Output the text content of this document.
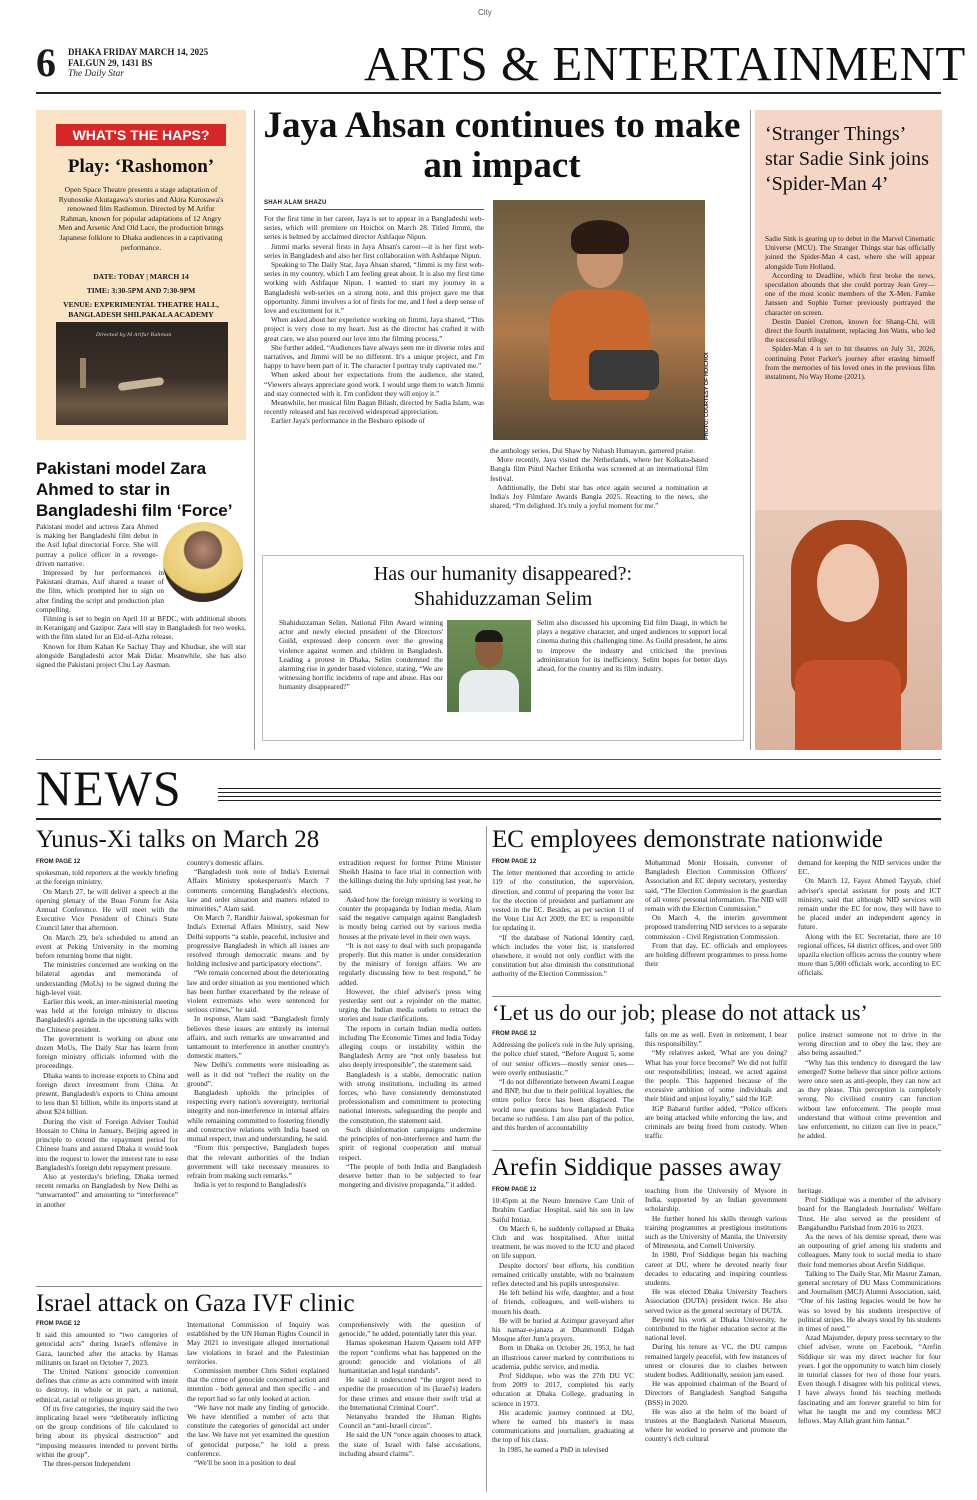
City
6 DHAKA FRIDAY MARCH 14, 2025
FALGUN 29, 1431 BS
The Daily Star	ARTS & ENTERTAINMENT
WHAT'S THE HAPS?
Play: ‘Rashomon’
Open Space Theatre presents a stage adaptation of Ryunosuke Akutagawa's stories and Akira Kurosawa's renowned film Rashomon. Directed by M Arifur Rahman, known for popular adaptations of 12 Angry Men and Arsenic And Old Lace, the production brings Japanese folklore to Dhaka audiences in a captivating performance.
DATE: TODAY | MARCH 14
TIME: 3:30-5PM AND 7:30-9PM
VENUE: EXPERIMENTAL THEATRE HALL, BANGLADESH SHILPAKALA ACADEMY
Directed by M Arifur Rahman
Pakistani model Zara Ahmed to star in Bangladeshi film ‘Force’

Pakistani model and actress Zara Ahmed is making her Bangladeshi film debut in the Asif Iqbal directorial Force. She will portray a police officer in a revenge-driven narrative.

Impressed by her performances in Pakistani dramas, Asif shared a teaser of the film, which prompted her to sign on after finding the script and production plan compelling.

Filming is set to begin on April 10 at BFDC, with additional shoots in Keraniganj and Gazipur. Zara will stay in Bangladesh for two weeks, with the film slated for an Eid-ul-Azha release.

Known for Hum Kahan Ke Sachay Thay and Khudsar, she will star alongside Bangladeshi actor Mak Didar. Meanwhile, she has also signed the Pakistani project Chu Lay Aasman.

Jaya Ahsan continues to make an impact
SHAH ALAM SHAZU

For the first time in her career, Jaya is set to appear in a Bangladeshi web-series, which will premiere on Hoichoi on March 28. Titled Jimmi, the series is helmed by acclaimed director Ashfaque Nipun.

Jimmi marks several firsts in Jaya Ahsan's career—it is her first web-series in Bangladesh and also her first collaboration with Ashfaque Nipun.

Speaking to The Daily Star, Jaya Ahsan shared, “Jimmi is my first web-series in my country, which I am feeling great about. It is also my first time working with Ashfaque Nipun. I wanted to start my journey in a Bangladeshi web-series on a strong note, and this project gave me that opportunity. Jimmi involves a lot of firsts for me, and I feel a deep sense of love and excitement for it.”

When asked about her experience working on Jimmi, Jaya shared, “This project is very close to my heart. Just as the director has crafted it with great care, we also poured our love into the filming process.”

She further added, “Audiences have always seen me in diverse roles and narratives, and Jimmi will be no different. It's a unique project, and I'm happy to have been part of it. The character I portray truly captivated me.”

When asked about her expectations from the audience, she stated, “Viewers always appreciate good work. I would urge them to watch Jimmi and stay connected with it. I'm confident they will enjoy it.”

Meanwhile, her musical film Bagan Bilash, directed by Sadia Islam, was recently released and has received widespread appreciation.

Earlier Jaya's performance in the Beshuro episode of	PHOTO: COURTESY OF HOICHOI

the anthology series, Dui Shaw by Nuhash Humayun, garnered praise.

More recently, Jaya visited the Netherlands, where her Kolkata-based Bangla film Putul Nacher Etikotha was screened at an international film festival.

Additionally, the Debi star has once again secured a nomination at India's Joy Filmfare Awards Bangla 2025. Reacting to the news, she shared, “I'm delighted. It's truly a joyful moment for me.”

Has our humanity disappeared?:
Shahiduzzaman Selim
Shahiduzzaman Selim, National Film Award winning actor and newly elected president of the Directors' Guild, expressed deep concern over the growing violence against women and children in Bangladesh. Leading a protest in Dhaka, Selim condemned the alarming rise in gender based violence, stating, “We are witnessing horrific incidents of rape and abuse. Has our humanity disappeared?”
Selim also discussed his upcoming Eid film Daagi, in which he plays a negative character, and urged audiences to support local cinema during this challenging time. As Guild president, he aims to improve the industry and criticised the previous administration for its inefficiency. Selim hopes for better days ahead, for the country and its film industry.
‘Stranger Things’ star Sadie Sink joins ‘Spider-Man 4’

Sadie Sink is gearing up to debut in the Marvel Cinematic Universe (MCU). The Stranger Things star has officially joined the Spider-Man 4 cast, where she will appear alongside Tom Holland.

According to Deadline, which first broke the news, speculation abounds that she could portray Jean Grey—one of the most iconic members of the X-Men. Famke Janssen and Sophie Turner previously portrayed the character on screen.

Destin Daniel Cretton, known for Shang-Chi, will direct the fourth instalment, replacing Jon Watts, who led the successful trilogy.

Spider-Man 4 is set to hit theatres on July 31, 2026, continuing Peter Parker's journey after erasing himself from the memories of his loved ones in the previous film instalment, No Way Home (2021).

NEWS
Yunus-Xi talks on March 28
FROM PAGE 12

spokesman, told reporters at the weekly briefing at the foreign ministry.

On March 27, he will deliver a speech at the opening plenary of the Boao Forum for Asia Annual Conference. He will meet with the Executive Vice President of China's State Council later that afternoon.

On March 29, he's scheduled to attend an event at Peking University in the morning before returning home that night.

The ministries concerned are working on the bilateral agendas and memoranda of understanding (MoUs) to be signed during the high-level visit.

Earlier this week, an inter-ministerial meeting was held at the foreign ministry to discuss Bangladesh's agenda in the upcoming talks with the Chinese president.

The government is working on about one dozen MoUs, The Daily Star has learnt from foreign ministry officials informed with the proceedings.

Dhaka wants to increase exports to China and foreign direct investment from China. At present, Bangladesh's exports to China amount to less than $1 billion, while its imports stand at about $24 billion.

During the visit of Foreign Adviser Touhid Hossain to China in January, Beijing agreed in principle to extend the repayment period for Chinese loans and assured Dhaka it would look into the request to lower the interest rate to ease Bangladesh's foreign debt repayment pressure.

Also at yesterday's briefing, Dhaka termed recent remarks on Bangladesh by New Delhi as “unwarranted” and amounting to “interference” in another

country's domestic affairs.

“Bangladesh took note of India's External Affairs Ministry spokesperson's March 7 comments concerning Bangladesh's elections, law and order situation and matters related to minorities,” Alam said.

On March 7, Randhir Jaiswal, spokesman for India's External Affairs Ministry, said New Delhi supports “a stable, peaceful, inclusive and progressive Bangladesh in which all issues are resolved through democratic means and by holding inclusive and participatory elections”.

“We remain concerned about the deteriorating law and order situation as you mentioned which has been further exacerbated by the release of violent extremists who were sentenced for serious crimes,” he said.

In response, Alam said: “Bangladesh firmly believes these issues are entirely its internal affairs, and such remarks are unwarranted and tantamount to interference in another country's domestic matters.”

New Delhi's comments were misleading as well as it did not “reflect the reality on the ground”.

Bangladesh upholds the principles of respecting every nation's sovereignty, territorial integrity and non-interference in internal affairs while remaining committed to fostering friendly and constructive relations with India based on mutual respect, trust and understanding, he said.

“From this perspective, Bangladesh hopes that the relevant authorities of the Indian government will take necessary measures to refrain from making such remarks.”

India is yet to respond to Bangladesh's

extradition request for former Prime Minister Sheikh Hasina to face trial in connection with the killings during the July uprising last year, he said.

Asked how the foreign ministry is working to counter the propaganda by Indian media, Alam said the negative campaign against Bangladesh is mostly being carried out by various media houses at the private level in their own ways.

“It is not easy to deal with such propaganda properly. But this matter is under consideration by the ministry of foreign affairs. We are regularly discussing how to best respond,” he added.

However, the chief adviser's press wing yesterday sent out a rejoinder on the matter, urging the Indian media outlets to retract the stories and issue clarifications.

The reports in certain Indian media outlets including The Economic Times and India Today alleging coups or instability within the Bangladesh Army are “not only baseless but also deeply irresponsible”, the statement said.

Bangladesh is a stable, democratic nation with strong institutions, including its armed forces, who have consistently demonstrated professionalism and commitment to protecting national interests, safeguarding the people and the constitution, the statement said.

Such disinformation campaigns undermine the principles of non-interference and harm the spirit of regional cooperation and mutual respect.

“The people of both India and Bangladesh deserve better than to be subjected to fear mongering and divisive propaganda,” it added.

Israel attack on Gaza IVF clinic
FROM PAGE 12

It said this amounted to “two categories of genocidal acts” during Israel's offensive in Gaza, launched after the attacks by Hamas militants on Israel on October 7, 2023.

The United Nations' genocide convention defines that crime as acts committed with intent to destroy, in whole or in part, a national, ethnical, racial or religious group.

Of its five categories, the inquiry said the two implicating Israel were “deliberately inflicting on the group conditions of life calculated to bring about its physical destruction” and “imposing measures intended to prevent births within the group”.

The three-person Independent

International Commission of Inquiry was established by the UN Human Rights Council in May 2021 to investigate alleged international law violations in Israel and the Palestinian territories.

Commission member Chris Sidoti explained that the crime of genocide concerned action and intention - both general and then specific - and the report had so far only looked at action.

“We have not made any finding of genocide. We have identified a number of acts that constitute the categories of genocidal act under the law. We have not yet examined the question of genocidal purpose,” he told a press conference.

“We'll be soon in a position to deal

comprehensively with the question of genocide,” he added, potentially later this year.

Hamas spokesman Hazem Qassem told AFP the report “confirms what has happened on the ground: genocide and violations of all humanitarian and legal standards”.

He said it underscored “the urgent need to expedite the prosecution of its (Israel's) leaders for these crimes and ensure their swift trial at the International Criminal Court”.

Netanyahu branded the Human Rights Council an “anti-Israeli circus”.

He said the UN “once again chooses to attack the state of Israel with false accusations, including absurd claims”.

EC employees demonstrate nationwide
FROM PAGE 12

The letter mentioned that according to article 119 of the constitution, the supervision, direction, and control of preparing the voter list for the election of president and parliament are vested in the EC. Besides, as per section 11 of the Voter List Act 2009, the EC is responsible for updating it.

“If the database of National Identity card, which includes the voter list, is transferred elsewhere, it would not only conflict with the constitution but also diminish the constitutional authority of the Election Commission.”

Mohammad Monir Hossain, convener of Bangladesh Election Commission Officers' Association and EC deputy secretary, yesterday said, “The Election Commission is the guardian of all voters' personal information. The NID will remain with the Election Commission.”

On March 4, the interim government proposed transferring NID services to a separate commission - Civil Registration Commission.

From that day, EC officials and employees are holding different programmes to press home their

demand for keeping the NID services under the EC.

On March 12, Fayez Ahmed Tayyab, chief adviser's special assistant for posts and ICT ministry, said that although NID services will remain under the EC for now, they will have to be placed under an independent agency in future.

Along with the EC Secretariat, there are 10 regional offices, 64 district offices, and over 500 upazila election offices across the country where more than 5,000 officials work, according to EC officials.

‘Let us do our job; please do not attack us’
FROM PAGE 12

Addressing the police's role in the July uprising, the police chief stated, “Before August 5, some of our senior officers—mostly senior ones—were overly enthusiastic.”

“I do not differentiate between Awami League and BNP, but due to their political loyalties, the entire police force has been disgraced. The world now questions how Bangladesh Police became so ruthless. I am also part of the police, and this burden of accountability

falls on me as well. Even in retirement, I bear this responsibility.”

“My relatives asked, 'What are you doing? What has your force become?' We did not fulfil our responsibilities; instead, we acted against the people. This happened because of the excessive ambition of some individuals and their blind and unjust loyalty,” said the IGP.

IGP Baharul further added, “Police officers are being attacked while enforcing the law, and criminals are being freed from custody. When traffic

police instruct someone not to drive in the wrong direction and to obey the law, they are also being assaulted.”

“Why has this tendency to disregard the law emerged? Some believe that since police actions were once seen as anti-people, they can now act as they please. This perception is completely wrong. No civilised country can function without law enforcement. The people must understand that without crime prevention and law enforcement, no citizen can live in peace,” he added.

Arefin Siddique passes away
FROM PAGE 12

10:45pm at the Neuro Intensive Care Unit of Ibrahim Cardiac Hospital, said his son in law Saiful Imtiaz.

On March 6, he suddenly collapsed at Dhaka Club and was hospitalised. After initial treatment, he was moved to the ICU and placed on life support.

Despite doctors' best efforts, his condition remained critically unstable, with no brainstem reflex detected and his pupils unresponsive.

He left behind his wife, daughter, and a host of friends, colleagues, and well-wishers to mourn his death.

He will be buried at Azimpur graveyard after his namaz-e-janaza at Dhanmondi Eidgah Mosque after Jum'a prayers.

Born in Dhaka on October 26, 1953, he had an illustrious career marked by contributions to academia, public service, and media.

Prof Siddique, who was the 27th DU VC from 2009 to 2017, completed his early education at Dhaka College, graduating in science in 1973.

His academic journey continued at DU, where he earned his master's in mass communications and journalism, graduating at the top of his class.

In 1985, he earned a PhD in televised

teaching from the University of Mysore in India, supported by an Indian government scholarship.

He further honed his skills through various training programmes at prestigious institutions such as the University of Manila, the University of Minnesota, and Cornell University.

In 1980, Prof Siddique began his teaching career at DU, where he devoted nearly four decades to educating and inspiring countless students.

He was elected Dhaka University Teachers Association (DUTA) president twice. He also served twice as the general secretary of DUTA.

Beyond his work at Dhaka University, he contributed to the higher education sector at the national level.

During his tenure as VC, the DU campus remained largely peaceful, with few instances of unrest or closures due to clashes between student bodies. Additionally, session jam eased.

He was appointed chairman of the Board of Directors of Bangladesh Sangbad Sangstha (BSS) in 2020.

He was also at the helm of the board of trustees at the Bangladesh National Museum, where he worked to preserve and promote the country's rich cultural

heritage.

Prof Siddique was a member of the advisory board for the Bangladesh Journalists' Welfare Trust. He also served as the president of Bangabandhu Parishad from 2016 to 2023.

As the news of his demise spread, there was an outpouring of grief among his students and colleagues. Many took to social media to share their fond memories about Arefin Siddique.

Talking to The Daily Star, Mir Masrur Zaman, general secretary of DU Mass Communications and Journalism (MCJ) Alumni Association, said, “One of his lasting legacies would be how he was so loved by his students irrespective of political stripes. He always stood by his students in times of need.”

Azad Majumder, deputy press secretary to the chief adviser, wrote on Facebook, “Arefin Siddique sir was my direct teacher for four years. I got the opportunity to watch him closely in tutorial classes for two of those four years. Even though I disagree with his political views, I have always found his teaching methods fascinating and am forever grateful to him for what he taught me and my countless MCJ fellows. May Allah grant him Jannat.”
